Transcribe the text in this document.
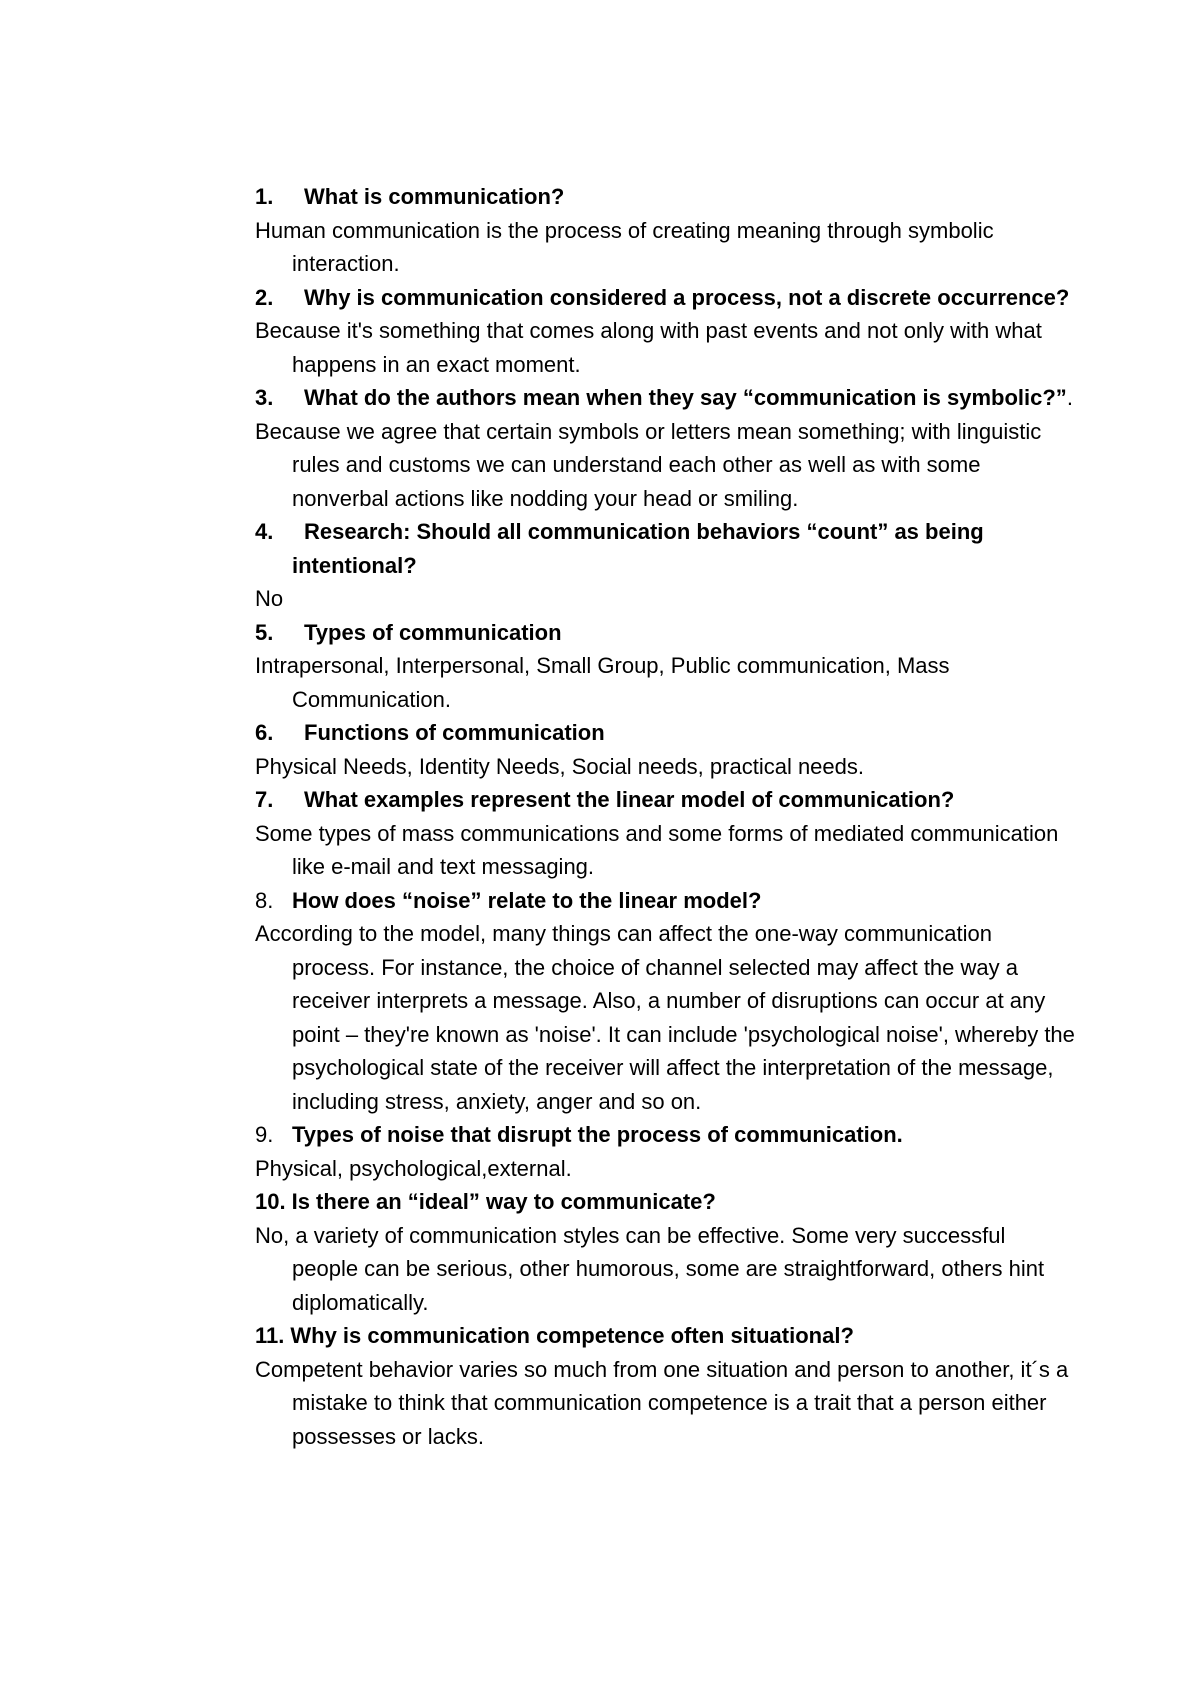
1. What is communication?
Human communication is the process of creating meaning through symbolic interaction.
2. Why is communication considered a process, not a discrete occurrence?
Because it's something that comes along with past events and not only with what happens in an exact moment.
3. What do the authors mean when they say “communication is symbolic?”.
Because we agree that certain symbols or letters mean something; with linguistic rules and customs we can understand each other as well as with some nonverbal actions like nodding your head or smiling.
4. Research: Should all communication behaviors “count” as being intentional?
No
5. Types of communication
Intrapersonal, Interpersonal, Small Group, Public communication, Mass Communication.
6. Functions of communication
Physical Needs, Identity Needs, Social needs, practical needs.
7. What examples represent the linear model of communication?
Some types of mass communications and some forms of mediated communication like e-mail and text messaging.
8. How does “noise” relate to the linear model?
According to the model, many things can affect the one-way communication process. For instance, the choice of channel selected may affect the way a receiver interprets a message. Also, a number of disruptions can occur at any point – they're known as 'noise'. It can include 'psychological noise', whereby the psychological state of the receiver will affect the interpretation of the message, including stress, anxiety, anger and so on.
9. Types of noise that disrupt the process of communication.
Physical, psychological,external.
10. Is there an “ideal” way to communicate?
No, a variety of communication styles can be effective. Some very successful people can be serious, other humorous, some are straightforward, others hint diplomatically.
11. Why is communication competence often situational?
Competent behavior varies so much from one situation and person to another, it´s a mistake to think that communication competence is a trait that a person either possesses or lacks.
